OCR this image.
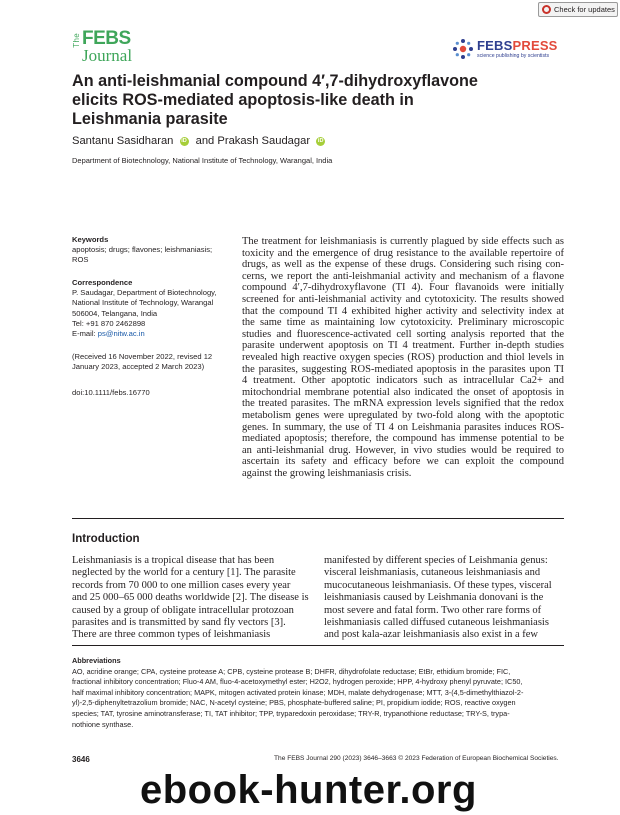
Check for updates
The FEBS
Journal
FEBSPRESS
science publishing by scientists
An anti-leishmanial compound 4′,7-dihydroxyflavone
elicits ROS-mediated apoptosis-like death in
Leishmania parasite
Santanu Sasidharan iD and Prakash Saudagar iD
Department of Biotechnology, National Institute of Technology, Warangal, India
Keywords
apoptosis; drugs; flavones; leishmaniasis;
ROS
Correspondence
P. Saudagar, Department of Biotechnology,
National Institute of Technology, Warangal
506004, Telangana, India
Tel: +91 870 2462898
E-mail: ps@nitw.ac.in
(Received 16 November 2022, revised 12
January 2023, accepted 2 March 2023)
doi:10.1111/febs.16770
The treatment for leishmaniasis is currently plagued by side effects such as
toxicity and the emergence of drug resistance to the available repertoire of
drugs, as well as the expense of these drugs. Considering such rising con-
cerns, we report the anti-leishmanial activity and mechanism of a flavone
compound 4′,7-dihydroxyflavone (TI 4). Four flavanoids were initially
screened for anti-leishmanial activity and cytotoxicity. The results showed
that the compound TI 4 exhibited higher activity and selectivity index at
the same time as maintaining low cytotoxicity. Preliminary microscopic
studies and fluorescence-activated cell sorting analysis reported that the
parasite underwent apoptosis on TI 4 treatment. Further in-depth studies
revealed high reactive oxygen species (ROS) production and thiol levels in
the parasites, suggesting ROS-mediated apoptosis in the parasites upon TI
4 treatment. Other apoptotic indicators such as intracellular Ca2+ and
mitochondrial membrane potential also indicated the onset of apoptosis in
the treated parasites. The mRNA expression levels signified that the redox
metabolism genes were upregulated by two-fold along with the apoptotic
genes. In summary, the use of TI 4 on Leishmania parasites induces ROS-
mediated apoptosis; therefore, the compound has immense potential to be
an anti-leishmanial drug. However, in vivo studies would be required to
ascertain its safety and efficacy before we can exploit the compound
against the growing leishmaniasis crisis.
Introduction
Leishmaniasis is a tropical disease that has been
neglected by the world for a century [1]. The parasite
records from 70 000 to one million cases every year
and 25 000–65 000 deaths worldwide [2]. The disease is
caused by a group of obligate intracellular protozoan
parasites and is transmitted by sand fly vectors [3].
There are three common types of leishmaniasis
manifested by different species of Leishmania genus:
visceral leishmaniasis, cutaneous leishmaniasis and
mucocutaneous leishmaniasis. Of these types, visceral
leishmaniasis caused by Leishmania donovani is the
most severe and fatal form. Two other rare forms of
leishmaniasis called diffused cutaneous leishmaniasis
and post kala-azar leishmaniasis also exist in a few
Abbreviations
AO, acridine orange; CPA, cysteine protease A; CPB, cysteine protease B; DHFR, dihydrofolate reductase; EtBr, ethidium bromide; FIC,
fractional inhibitory concentration; Fluo-4 AM, fluo-4-acetoxymethyl ester; H2O2, hydrogen peroxide; HPP, 4-hydroxy phenyl pyruvate; IC50,
half maximal inhibitory concentration; MAPK, mitogen activated protein kinase; MDH, malate dehydrogenase; MTT, 3-(4,5-dimethylthiazol-2-
yl)-2,5-diphenyltetrazolium bromide; NAC, N-acetyl cysteine; PBS, phosphate-buffered saline; PI, propidium iodide; ROS, reactive oxygen
species; TAT, tyrosine aminotransferase; TI, TAT inhibitor; TPP, tryparedoxin peroxidase; TRY-R, trypanothione reductase; TRY-S, trypa-
nothione synthase.
3646	The FEBS Journal 290 (2023) 3646–3663 © 2023 Federation of European Biochemical Societies.
ebook-hunter.org
